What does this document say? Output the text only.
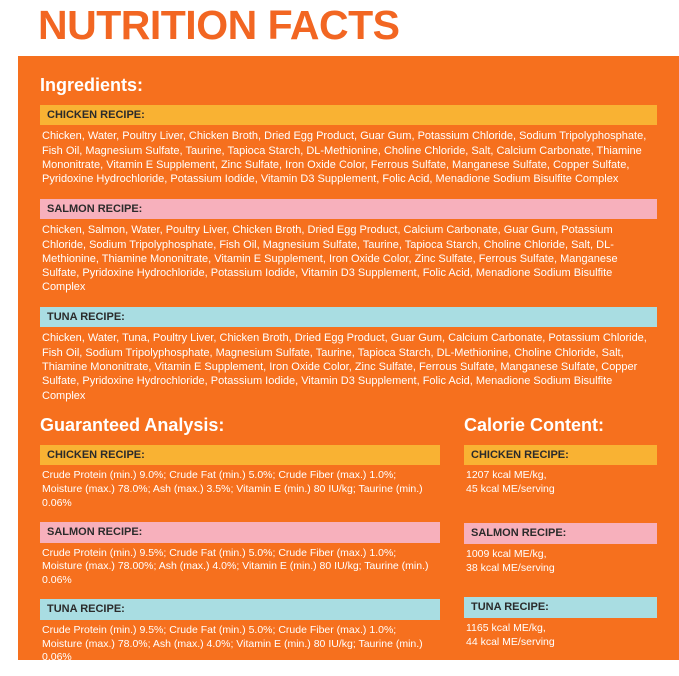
NUTRITION FACTS
Ingredients:
CHICKEN RECIPE:
Chicken, Water, Poultry Liver, Chicken Broth, Dried Egg Product, Guar Gum, Potassium Chloride, Sodium Tripolyphosphate, Fish Oil, Magnesium Sulfate, Taurine, Tapioca Starch, DL-Methionine, Choline Chloride, Salt, Calcium Carbonate, Thiamine Mononitrate, Vitamin E Supplement, Zinc Sulfate, Iron Oxide Color, Ferrous Sulfate, Manganese Sulfate, Copper Sulfate, Pyridoxine Hydrochloride, Potassium Iodide, Vitamin D3 Supplement, Folic Acid, Menadione Sodium Bisulfite Complex
SALMON RECIPE:
Chicken, Salmon, Water, Poultry Liver, Chicken Broth, Dried Egg Product, Calcium Carbonate, Guar Gum, Potassium Chloride, Sodium Tripolyphosphate, Fish Oil, Magnesium Sulfate, Taurine, Tapioca Starch, Choline Chloride, Salt, DL-Methionine, Thiamine Mononitrate, Vitamin E Supplement, Iron Oxide Color, Zinc Sulfate, Ferrous Sulfate, Manganese Sulfate, Pyridoxine Hydrochloride, Potassium Iodide, Vitamin D3 Supplement, Folic Acid, Menadione Sodium Bisulfite Complex
TUNA RECIPE:
Chicken, Water, Tuna, Poultry Liver, Chicken Broth, Dried Egg Product, Guar Gum, Calcium Carbonate, Potassium Chloride, Fish Oil, Sodium Tripolyphosphate, Magnesium Sulfate, Taurine, Tapioca Starch, DL-Methionine, Choline Chloride, Salt, Thiamine Mononitrate, Vitamin E Supplement, Iron Oxide Color, Zinc Sulfate, Ferrous Sulfate, Manganese Sulfate, Copper Sulfate, Pyridoxine Hydrochloride, Potassium Iodide, Vitamin D3 Supplement, Folic Acid, Menadione Sodium Bisulfite Complex
Guaranteed Analysis:
CHICKEN RECIPE:
Crude Protein (min.) 9.0%; Crude Fat (min.) 5.0%; Crude Fiber (max.) 1.0%; Moisture (max.) 78.0%; Ash (max.) 3.5%; Vitamin E (min.) 80 IU/kg; Taurine (min.) 0.06%
SALMON RECIPE:
Crude Protein (min.) 9.5%; Crude Fat (min.) 5.0%; Crude Fiber (max.) 1.0%; Moisture (max.) 78.00%; Ash (max.) 4.0%; Vitamin E (min.) 80 IU/kg; Taurine (min.) 0.06%
TUNA RECIPE:
Crude Protein (min.) 9.5%; Crude Fat (min.) 5.0%; Crude Fiber (max.) 1.0%; Moisture (max.) 78.0%; Ash (max.) 4.0%; Vitamin E (min.) 80 IU/kg; Taurine (min.) 0.06%
Calorie Content:
CHICKEN RECIPE:
1207 kcal ME/kg,
45 kcal ME/serving
SALMON RECIPE:
1009 kcal ME/kg,
38 kcal ME/serving
TUNA RECIPE:
1165 kcal ME/kg,
44 kcal ME/serving
